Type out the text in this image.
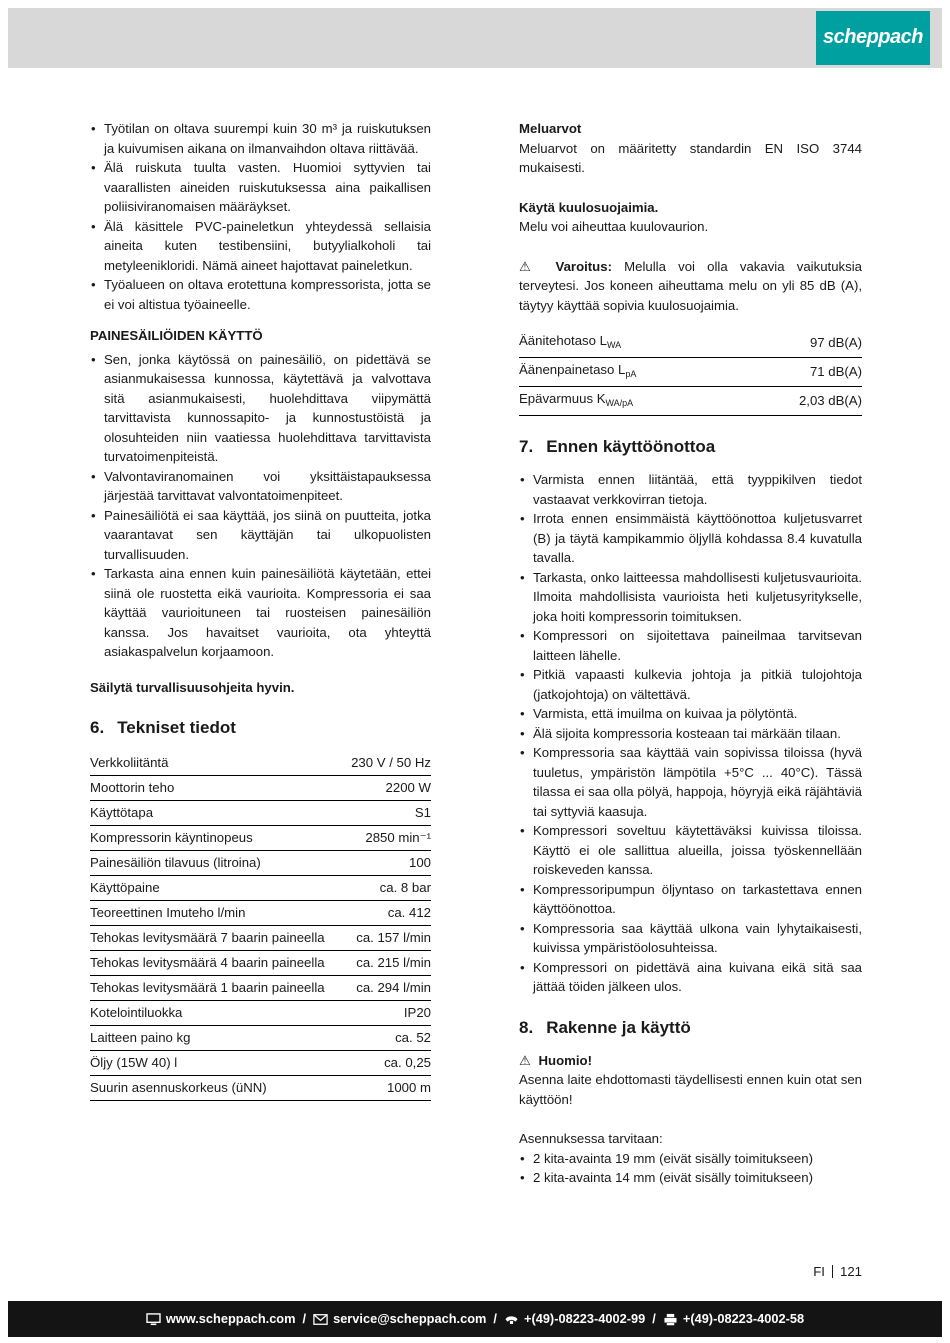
scheppach
• Työtilan on oltava suurempi kuin 30 m³ ja ruiskutuksen ja kuivumisen aikana on ilmanvaihdon oltava riittävää.
• Älä ruiskuta tuulta vasten. Huomioi syttyvien tai vaarallisten aineiden ruiskutuksessa aina paikallisen poliisiviranomaisen määräykset.
• Älä käsittele PVC-paineletkun yhteydessä sellaisia aineita kuten testibensiini, butyylialkoholi tai metyleenikloridi. Nämä aineet hajottavat paineletkun.
• Työalueen on oltava erotettuna kompressorista, jotta se ei voi altistua työaineelle.

PAINESÄILIÖIDEN KÄYTTÖ

• Sen, jonka käytössä on painesäiliö, on pidettävä se asianmukaisessa kunnossa, käytettävä ja valvottava sitä asianmukaisesti, huolehdittava viipymättä tarvittavista kunnossapito- ja kunnostustöistä ja olosuhteiden niin vaatiessa huolehdittava tarvittavista turvatoimenpiteistä.
• Valvontaviranomainen voi yksittäistapauksessa järjestää tarvittavat valvontatoimenpiteet.
• Painesäiliötä ei saa käyttää, jos siinä on puutteita, jotka vaarantavat sen käyttäjän tai ulkopuolisten turvallisuuden.
• Tarkasta aina ennen kuin painesäiliötä käytetään, ettei siinä ole ruostetta eikä vaurioita. Kompressoria ei saa käyttää vaurioituneen tai ruosteisen painesäiliön kanssa. Jos havaitset vaurioita, ota yhteyttä asiakaspalvelun korjaamoon.

Säilytä turvallisuusohjeita hyvin.

6. Tekniset tiedot
Verkkoliitäntä	230 V / 50 Hz
Moottorin teho	2200 W
Käyttötapa	S1
Kompressorin käyntinopeus	2850 min⁻¹
Painesäiliön tilavuus (litroina)	100
Käyttöpaine	ca. 8 bar
Teoreettinen Imuteho l/min	ca. 412
Tehokas levitysmäärä 7 baarin paineella	ca. 157 l/min
Tehokas levitysmäärä 4 baarin paineella	ca. 215 l/min
Tehokas levitysmäärä 1 baarin paineella	ca. 294 l/min
Kotelointiluokka	IP20
Laitteen paino kg	ca. 52
Öljy (15W 40) l	ca. 0,25
Suurin asennuskorkeus (üNN)	1000 m

Meluarvot

Meluarvot on määritetty standardin EN ISO 3744 mukaisesti.

Käytä kuulosuojaimia.

Melu voi aiheuttaa kuulovaurion.

⚠ Varoitus: Melulla voi olla vakavia vaikutuksia terveytesi. Jos koneen aiheuttama melu on yli 85 dB (A), täytyy käyttää sopivia kuulosuojaimia.

Äänitehotaso $L_{WA}$	97 dB(A)
Äänenpainetaso $L_{pA}$	71 dB(A)
Epävarmuus $K_{WA/pA}$	2,03 dB(A)
7. Ennen käyttöönottoa
• Varmista ennen liitäntää, että tyyppikilven tiedot vastaavat verkkovirran tietoja.
• Irrota ennen ensimmäistä käyttöönottoa kuljetusvarret (B) ja täytä kampikammio öljyllä kohdassa 8.4 kuvatulla tavalla.
• Tarkasta, onko laitteessa mahdollisesti kuljetusvaurioita. Ilmoita mahdollisista vaurioista heti kuljetusyritykselle, joka hoiti kompressorin toimituksen.
• Kompressori on sijoitettava paineilmaa tarvitsevan laitteen lähelle.
• Pitkiä vapaasti kulkevia johtoja ja pitkiä tulojohtoja (jatkojohtoja) on vältettävä.
• Varmista, että imuilma on kuivaa ja pölytöntä.
• Älä sijoita kompressoria kosteaan tai märkään tilaan.
• Kompressoria saa käyttää vain sopivissa tiloissa (hyvä tuuletus, ympäristön lämpötila +5°C ... 40°C). Tässä tilassa ei saa olla pölyä, happoja, höyryjä eikä räjähtäviä tai syttyviä kaasuja.
• Kompressori soveltuu käytettäväksi kuivissa tiloissa. Käyttö ei ole sallittua alueilla, joissa työskennellään roiskeveden kanssa.
• Kompressoripumpun öljyntaso on tarkastettava ennen käyttöönottoa.
• Kompressoria saa käyttää ulkona vain lyhytaikaisesti, kuivissa ympäristöolosuhteissa.
• Kompressori on pidettävä aina kuivana eikä sitä saa jättää töiden jälkeen ulos.
8. Rakenne ja käyttö

⚠ Huomio!

Asenna laite ehdottomasti täydellisesti ennen kuin otat sen käyttöön!

Asennuksessa tarvitaan:

• 2 kita-avainta 19 mm (eivät sisälly toimitukseen)
• 2 kita-avainta 14 mm (eivät sisälly toimitukseen)
FI 121
www.scheppach.com / service@scheppach.com / +(49)-08223-4002-99 / +(49)-08223-4002-58
